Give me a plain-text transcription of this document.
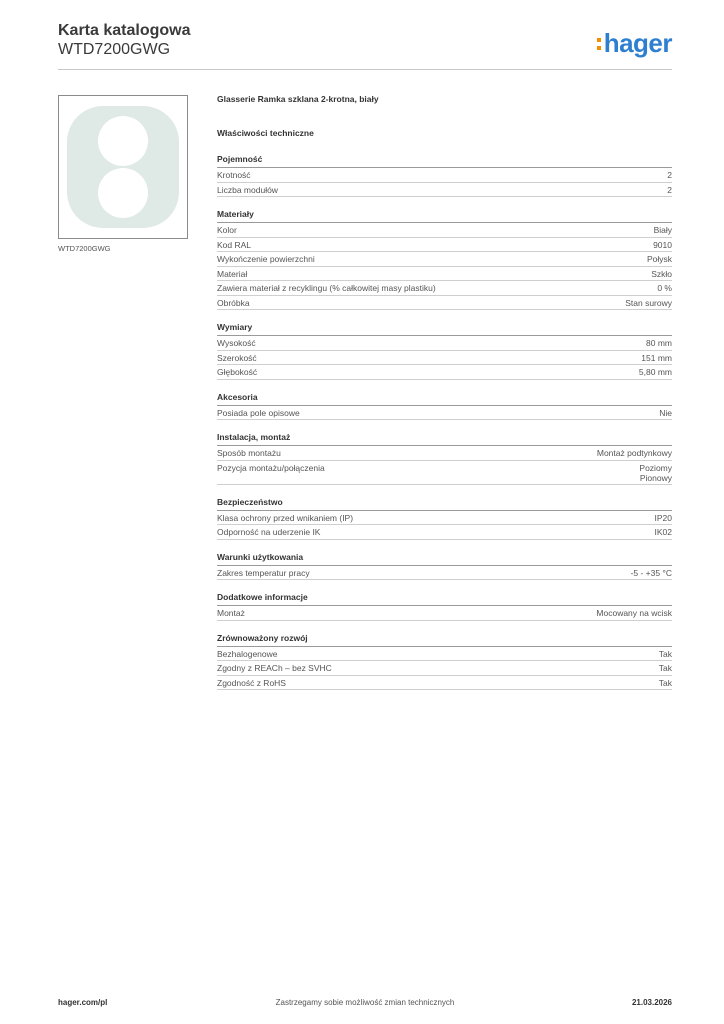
Karta katalogowa
WTD7200GWG	hager
WTD7200GWG
Glasserie Ramka szklana 2-krotna, biały
Właściwości techniczne
Pojemność
Krotność	2
Liczba modułów	2
Materiały
Kolor	Biały
Kod RAL	9010
Wykończenie powierzchni	Połysk
Materiał	Szkło
Zawiera materiał z recyklingu (% całkowitej masy plastiku)	0 %
Obróbka	Stan surowy
Wymiary
Wysokość	80 mm
Szerokość	151 mm
Głębokość	5,80 mm
Akcesoria
Posiada pole opisowe	Nie
Instalacja, montaż
Sposób montażu	Montaż podtynkowy
Pozycja montażu/połączenia	Poziomy
Pionowy
Bezpieczeństwo
Klasa ochrony przed wnikaniem (IP)	IP20
Odporność na uderzenie IK	IK02
Warunki użytkowania
Zakres temperatur pracy	-5 - +35 °C
Dodatkowe informacje
Montaż	Mocowany na wcisk
Zrównoważony rozwój
Bezhalogenowe	Tak
Zgodny z REACh – bez SVHC	Tak
Zgodność z RoHS	Tak
hager.com/pl	Zastrzegamy sobie możliwość zmian technicznych	21.03.2026
